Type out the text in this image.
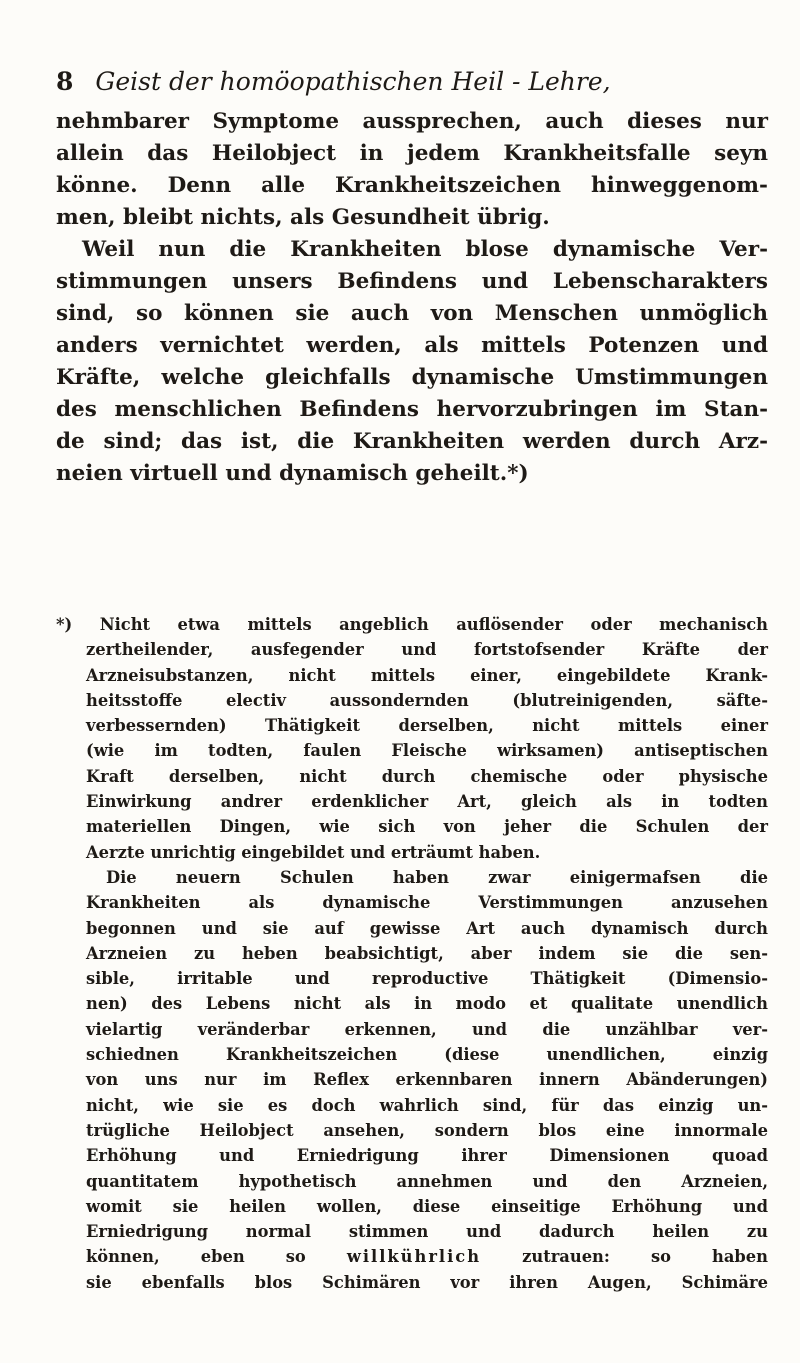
8 Geist der homöopathischen Heil - Lehre,
nehmbarer Symptome aussprechen, auch dieses nur
allein das Heilobject in jedem Krankheitsfalle seyn
könne. Denn alle Krankheitszeichen hinweggenom-
men, bleibt nichts, als Gesundheit übrig.
Weil nun die Krankheiten blose dynamische Ver-
stimmungen unsers Befindens und Lebenscharakters
sind, so können sie auch von Menschen unmöglich
anders vernichtet werden, als mittels Potenzen und
Kräfte, welche gleichfalls dynamische Umstimmungen
des menschlichen Befindens hervorzubringen im Stan-
de sind; das ist, die Krankheiten werden durch Arz-
neien virtuell und dynamisch geheilt.*)
*) Nicht etwa mittels angeblich auflösender oder mechanisch
zertheilender, ausfegender und fortstofsender Kräfte der
Arzneisubstanzen, nicht mittels einer, eingebildete Krank-
heitsstoffe electiv aussondernden (blutreinigenden, säfte-
verbessernden) Thätigkeit derselben, nicht mittels einer
(wie im todten, faulen Fleische wirksamen) antiseptischen
Kraft derselben, nicht durch chemische oder physische
Einwirkung andrer erdenklicher Art, gleich als in todten
materiellen Dingen, wie sich von jeher die Schulen der
Aerzte unrichtig eingebildet und erträumt haben.
Die neuern Schulen haben zwar einigermafsen die
Krankheiten als dynamische Verstimmungen anzusehen
begonnen und sie auf gewisse Art auch dynamisch durch
Arzneien zu heben beabsichtigt, aber indem sie die sen-
sible, irritable und reproductive Thätigkeit (Dimensio-
nen) des Lebens nicht als in modo et qualitate unendlich
vielartig veränderbar erkennen, und die unzählbar ver-
schiednen Krankheitszeichen (diese unendlichen, einzig
von uns nur im Reflex erkennbaren innern Abänderungen)
nicht, wie sie es doch wahrlich sind, für das einzig un-
trügliche Heilobject ansehen, sondern blos eine innormale
Erhöhung und Erniedrigung ihrer Dimensionen quoad
quantitatem hypothetisch annehmen und den Arzneien,
womit sie heilen wollen, diese einseitige Erhöhung und
Erniedrigung normal stimmen und dadurch heilen zu
können, eben so	willkührlich	zutrauen: so haben
sie ebenfalls blos Schimären vor ihren Augen, Schimäre
